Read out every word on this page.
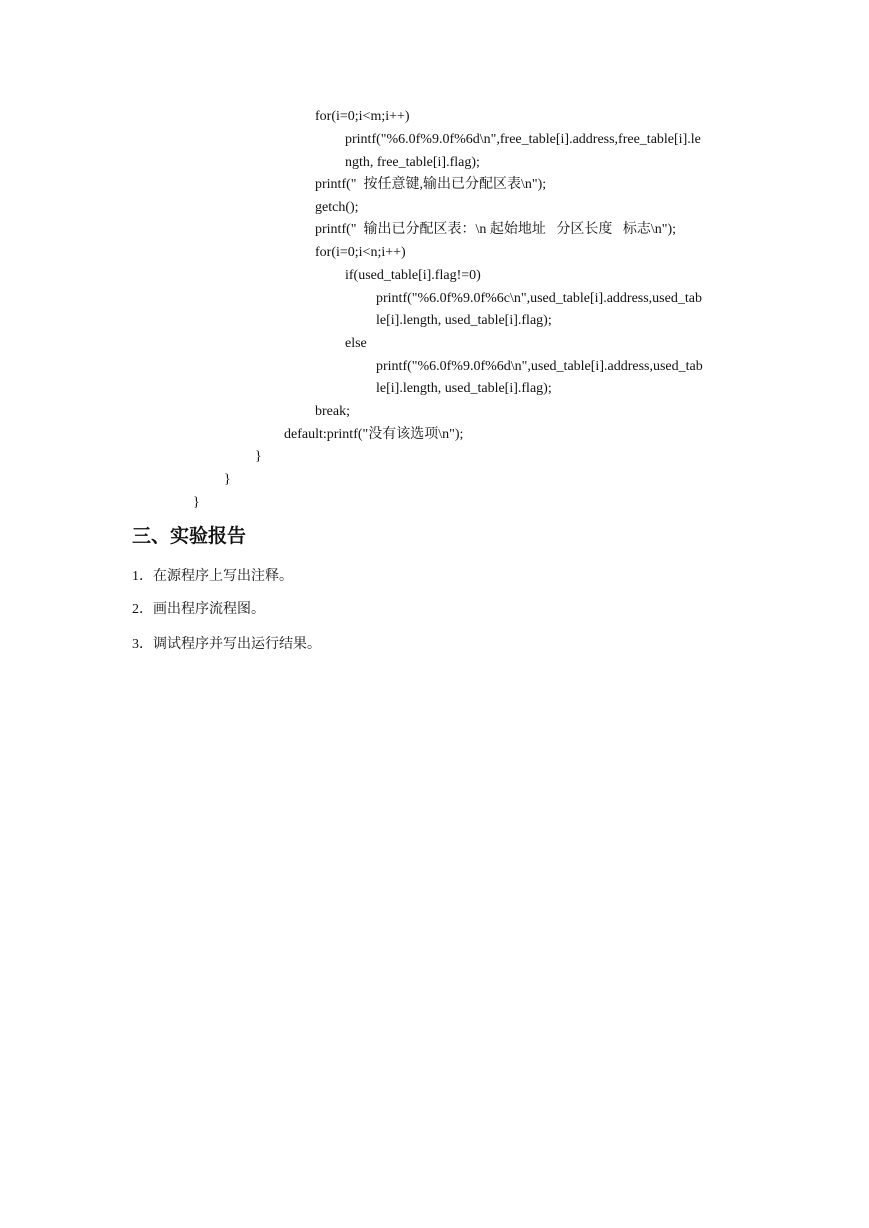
for(i=0;i<m;i++)
printf("%6.0f%9.0f%6d\n",free_table[i].address,free_table[i].le
ngth, free_table[i].flag);
printf("  按任意键,输出已分配区表\n");
getch();
printf("  输出已分配区表：\n 起始地址   分区长度   标志\n");
for(i=0;i<n;i++)
if(used_table[i].flag!=0)
printf("%6.0f%9.0f%6c\n",used_table[i].address,used_tab
le[i].length, used_table[i].flag);
else
printf("%6.0f%9.0f%6d\n",used_table[i].address,used_tab
le[i].length, used_table[i].flag);
break;
default:printf("没有该选项\n");
}
}
}
三、实验报告
1．在源程序上写出注释。
2．画出程序流程图。
3．调试程序并写出运行结果。
